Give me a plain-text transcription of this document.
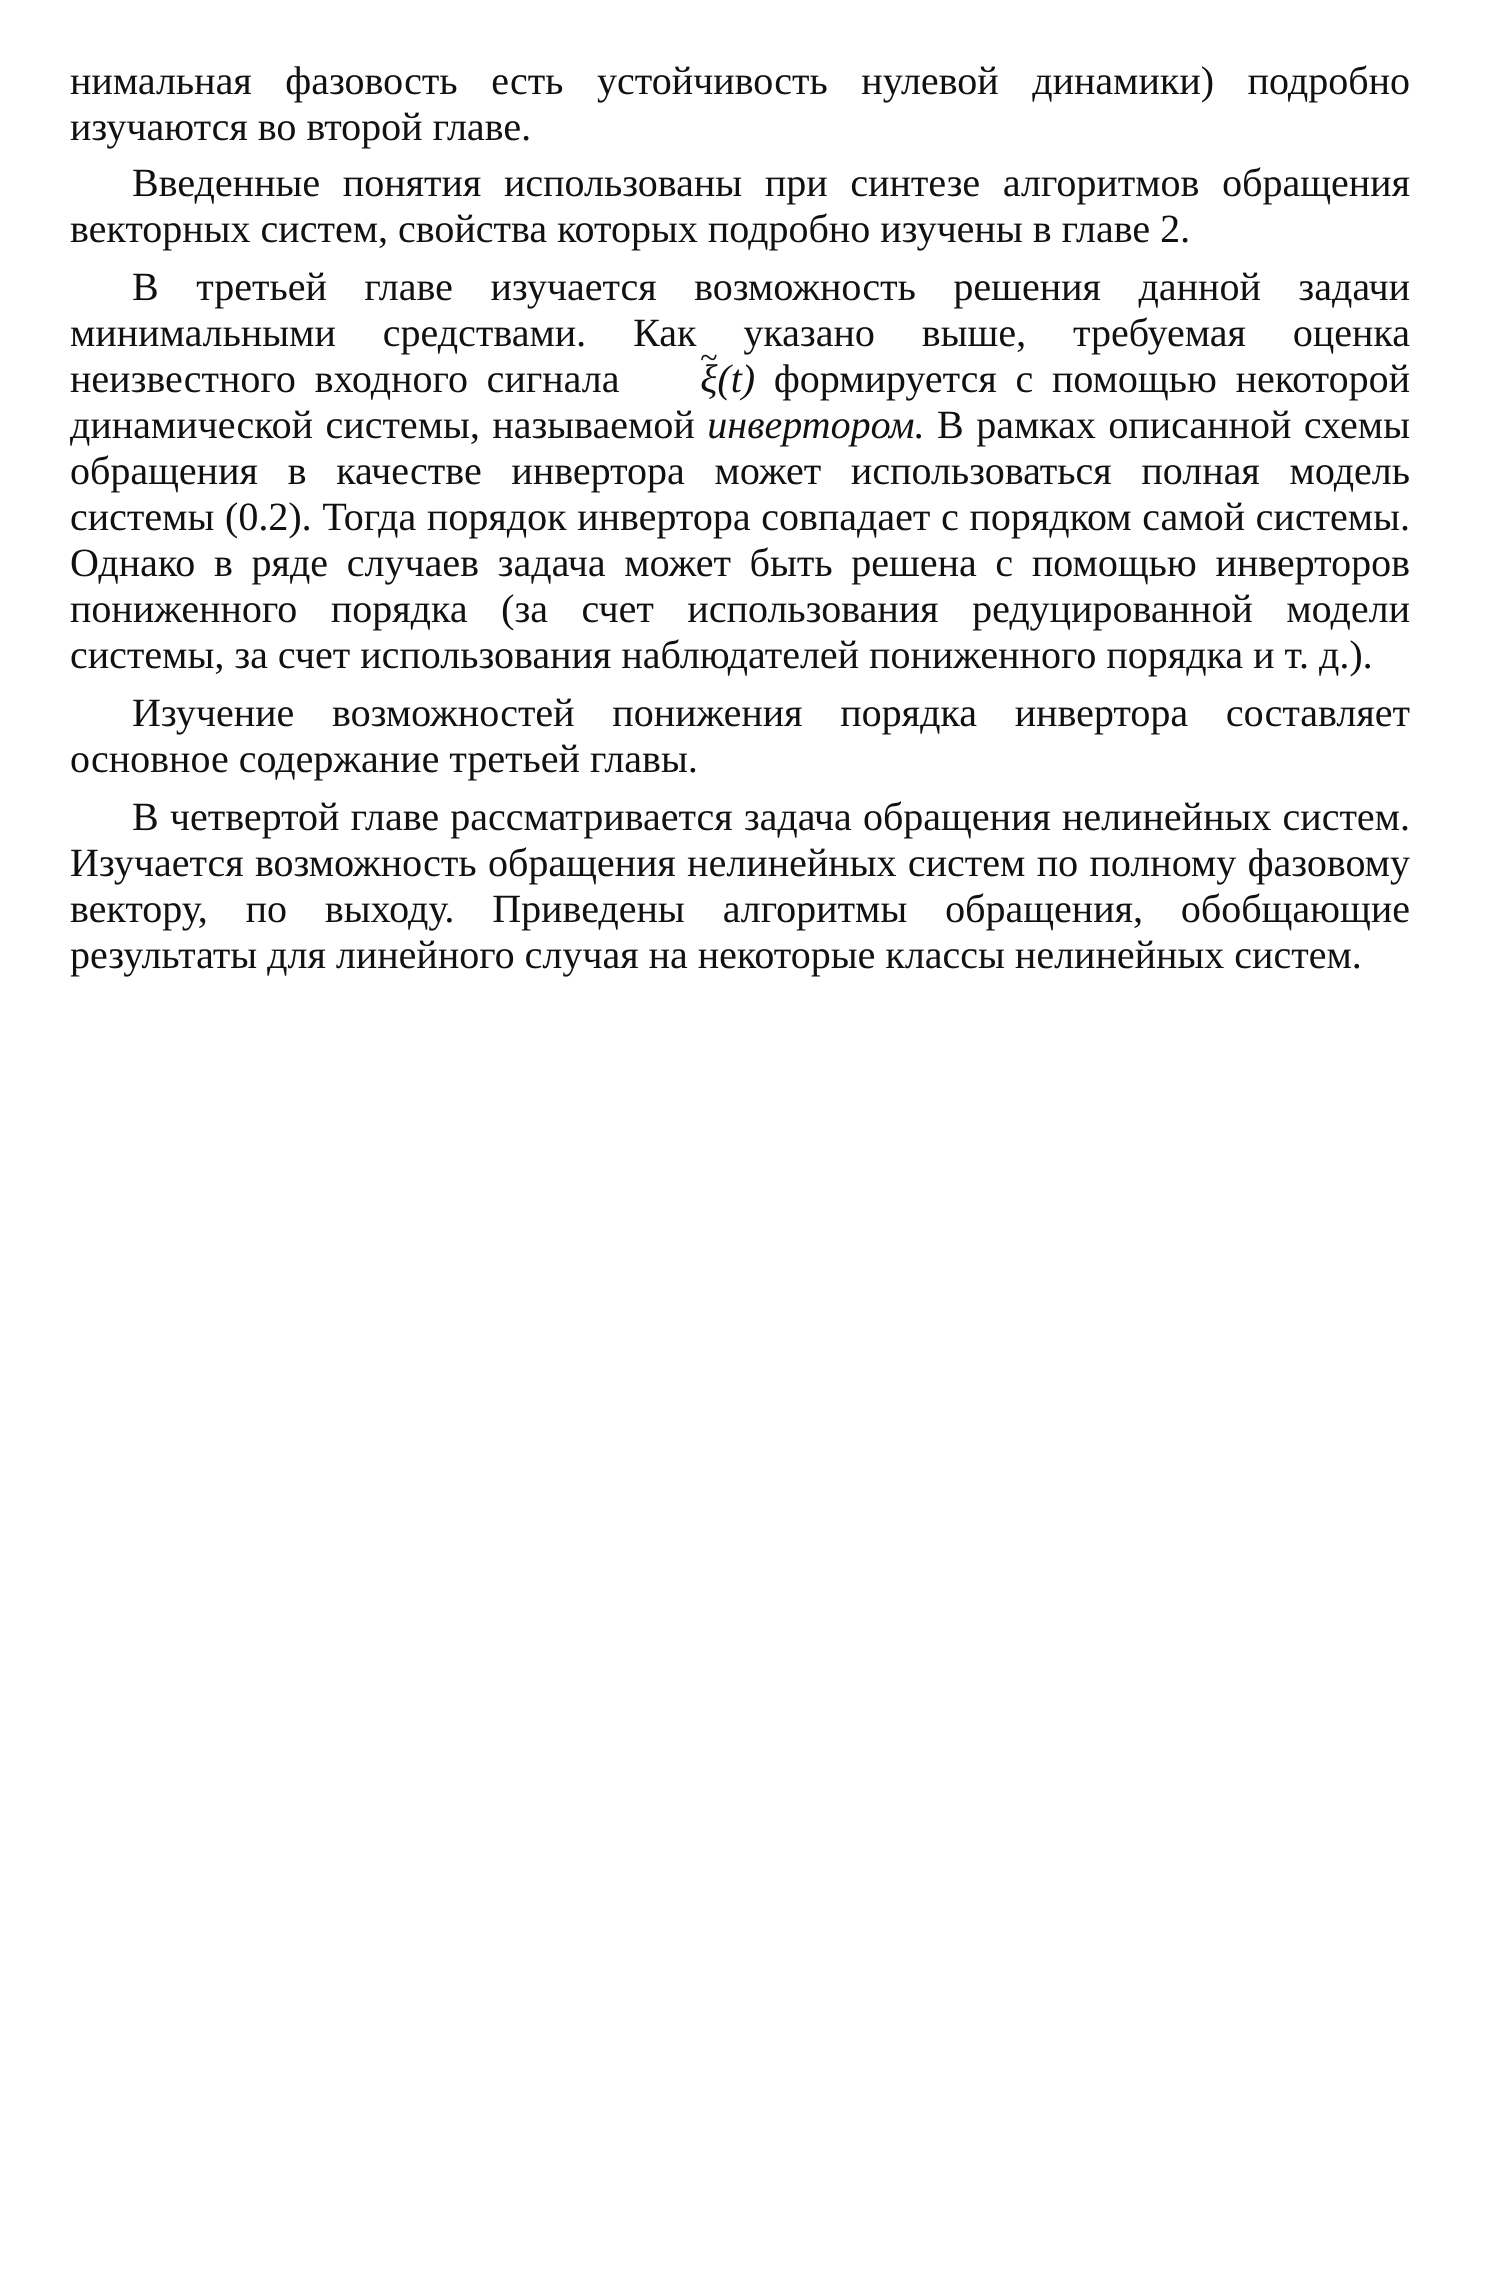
нимальная фазовость есть устойчивость нулевой динамики) подробно изучаются во второй главе.

Введенные понятия использованы при синтезе алгоритмов обращения векторных систем, свойства которых подробно изучены в главе 2.

В третьей главе изучается возможность решения данной задачи минимальными средствами. Как указано выше, требуемая оценка неизвестного входного сигнала ~ ξ(t) формируется с помощью некоторой динамической системы, называемой инвертором. В рамках описанной схемы обращения в качестве инвертора может использоваться полная модель системы (0.2). Тогда порядок инвертора совпадает с порядком самой системы. Однако в ряде случаев задача может быть решена с помощью инверторов пониженного порядка (за счет использования редуцированной модели системы, за счет использования наблюдателей пониженного порядка и т. д.).

Изучение возможностей понижения порядка инвертора составляет основное содержание третьей главы.

В четвертой главе рассматривается задача обращения нелинейных систем. Изучается возможность обращения нелинейных систем по полному фазовому вектору, по выходу. Приведены алгоритмы обращения, обобщающие результаты для линейного случая на некоторые классы нелинейных систем.
